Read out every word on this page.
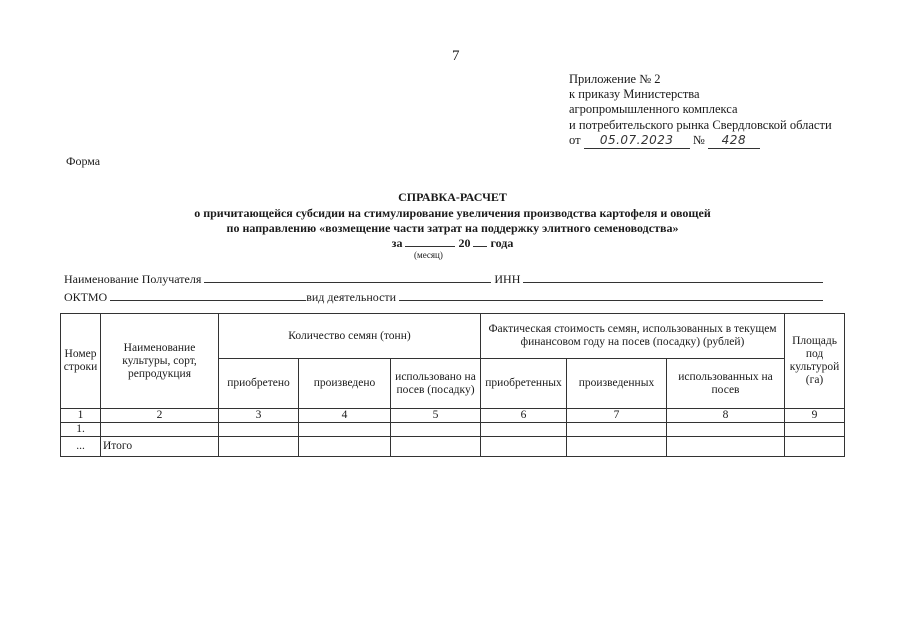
7
Приложение № 2
к приказу Министерства
агропромышленного комплекса
и потребительского рынка Свердловской области
от 05.07.2023 № 428
Форма
СПРАВКА-РАСЧЕТ
о причитающейся субсидии на стимулирование увеличения производства картофеля и овощей
по направлению «возмещение части затрат на поддержку элитного семеноводства»
за	20 года
(месяц)
Наименование Получателя	ИНН
ОКТМО	вид деятельности
Номер строки	Наименование культуры, сорт, репродукция	Количество семян (тонн)			Фактическая стоимость семян, использованных в текущем финансовом году на посев (посадку) (рублей)			Площадь под культурой (га)
		приобретено	произведено	использовано на посев (посадку)	приобретенных	произведенных	использованных на посев	
1	2	3	4	5	6	7	8	9
1.								
...	Итого							
